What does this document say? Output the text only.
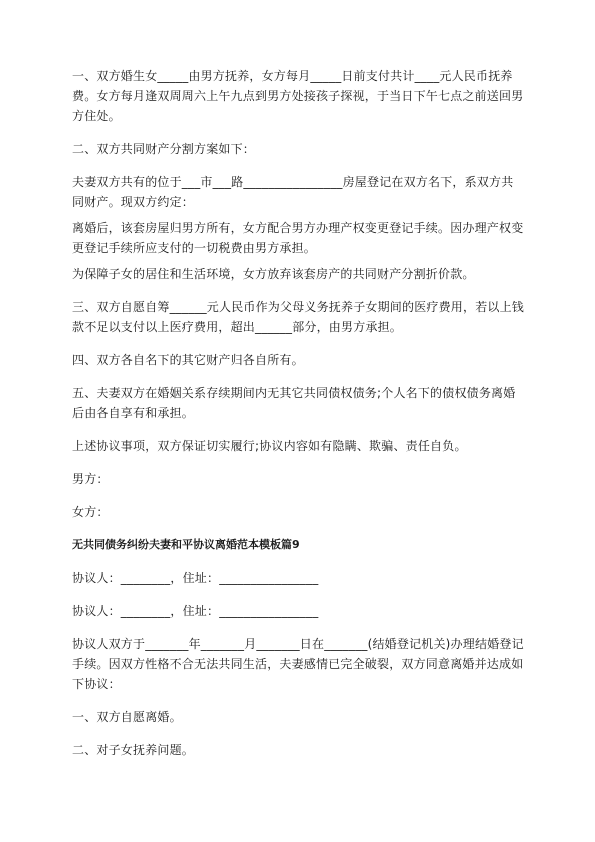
一、双方婚生女_____由男方抚养，女方每月_____日前支付共计____元人民币抚养费。女方每月逢双周周六上午九点到男方处接孩子探视，于当日下午七点之前送回男方住处。

二、双方共同财产分割方案如下：

夫妻双方共有的位于___市___路________________房屋登记在双方名下，系双方共同财产。现双方约定：

离婚后，该套房屋归男方所有，女方配合男方办理产权变更登记手续。因办理产权变更登记手续所应支付的一切税费由男方承担。

为保障子女的居住和生活环境，女方放弃该套房产的共同财产分割折价款。

三、双方自愿自筹______元人民币作为父母义务抚养子女期间的医疗费用，若以上钱款不足以支付以上医疗费用，超出______部分，由男方承担。

四、双方各自名下的其它财产归各自所有。

五、夫妻双方在婚姻关系存续期间内无其它共同债权债务;个人名下的债权债务离婚后由各自享有和承担。

上述协议事项，双方保证切实履行;协议内容如有隐瞒、欺骗、责任自负。

男方：

女方：

无共同债务纠纷夫妻和平协议离婚范本模板篇9

协议人：________，住址：________________

协议人：________，住址：________________

协议人双方于_______年_______月_______日在_______(结婚登记机关)办理结婚登记手续。因双方性格不合无法共同生活，夫妻感情已完全破裂，双方同意离婚并达成如下协议：

一、双方自愿离婚。

二、对子女抚养问题。
